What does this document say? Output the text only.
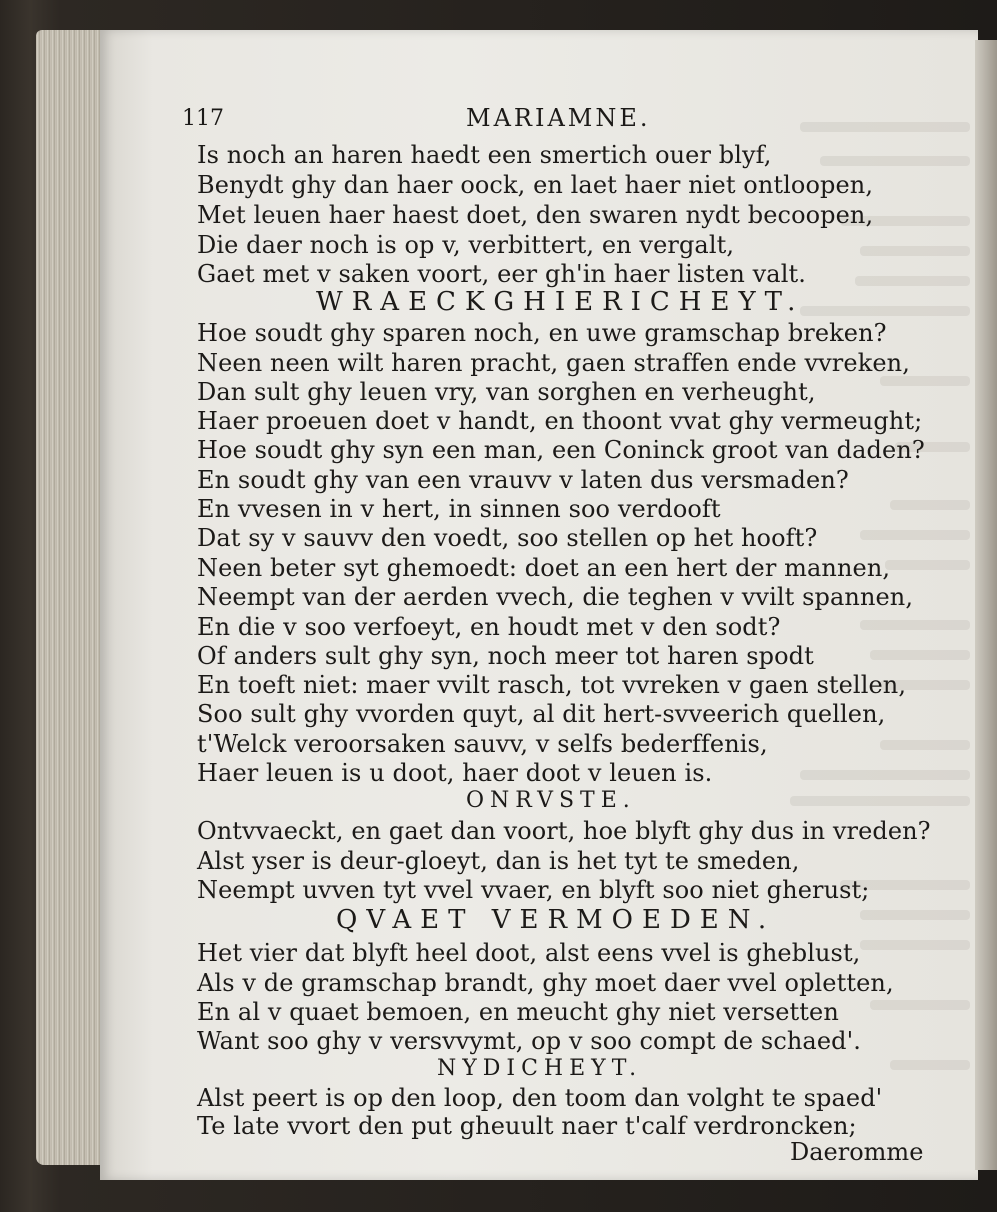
117	MARIAMNE.
Is noch an haren haedt een smertich ouer blyf,
Benydt ghy dan haer oock, en laet haer niet ontloopen,
Met leuen haer haest doet, den swaren nydt becoopen,
Die daer noch is op v, verbittert, en vergalt,
Gaet met v saken voort, eer gh'in haer listen valt.
WRAECKGHIERICHEYT.
Hoe soudt ghy sparen noch, en uwe gramschap breken?
Neen neen wilt haren pracht, gaen straffen ende vvreken,
Dan sult ghy leuen vry, van sorghen en verheught,
Haer proeuen doet v handt, en thoont vvat ghy vermeught;
Hoe soudt ghy syn een man, een Coninck groot van daden?
En soudt ghy van een vrauvv v laten dus versmaden?
En vvesen in v hert, in sinnen soo verdooft
Dat sy v sauvv den voedt, soo stellen op het hooft?
Neen beter syt ghemoedt: doet an een hert der mannen,
Neempt van der aerden vvech, die teghen v vvilt spannen,
En die v soo verfoeyt, en houdt met v den sodt?
Of anders sult ghy syn, noch meer tot haren spodt
En toeft niet: maer vvilt rasch, tot vvreken v gaen stellen,
Soo sult ghy vvorden quyt, al dit hert-svveerich quellen,
t'Welck veroorsaken sauvv, v selfs bederffenis,
Haer leuen is u doot, haer doot v leuen is.
ONRVSTE.
Ontvvaeckt, en gaet dan voort, hoe blyft ghy dus in vreden?
Alst yser is deur-gloeyt, dan is het tyt te smeden,
Neempt uvven tyt vvel vvaer, en blyft soo niet gherust;
QVAET VERMOEDEN.
Het vier dat blyft heel doot, alst eens vvel is gheblust,
Als v de gramschap brandt, ghy moet daer vvel opletten,
En al v quaet bemoen, en meucht ghy niet versetten
Want soo ghy v versvvymt, op v soo compt de schaed'.
NYDICHEYT.
Alst peert is op den loop, den toom dan volght te spaed'
Te late vvort den put gheuult naer t'calf verdroncken;
Daeromme
